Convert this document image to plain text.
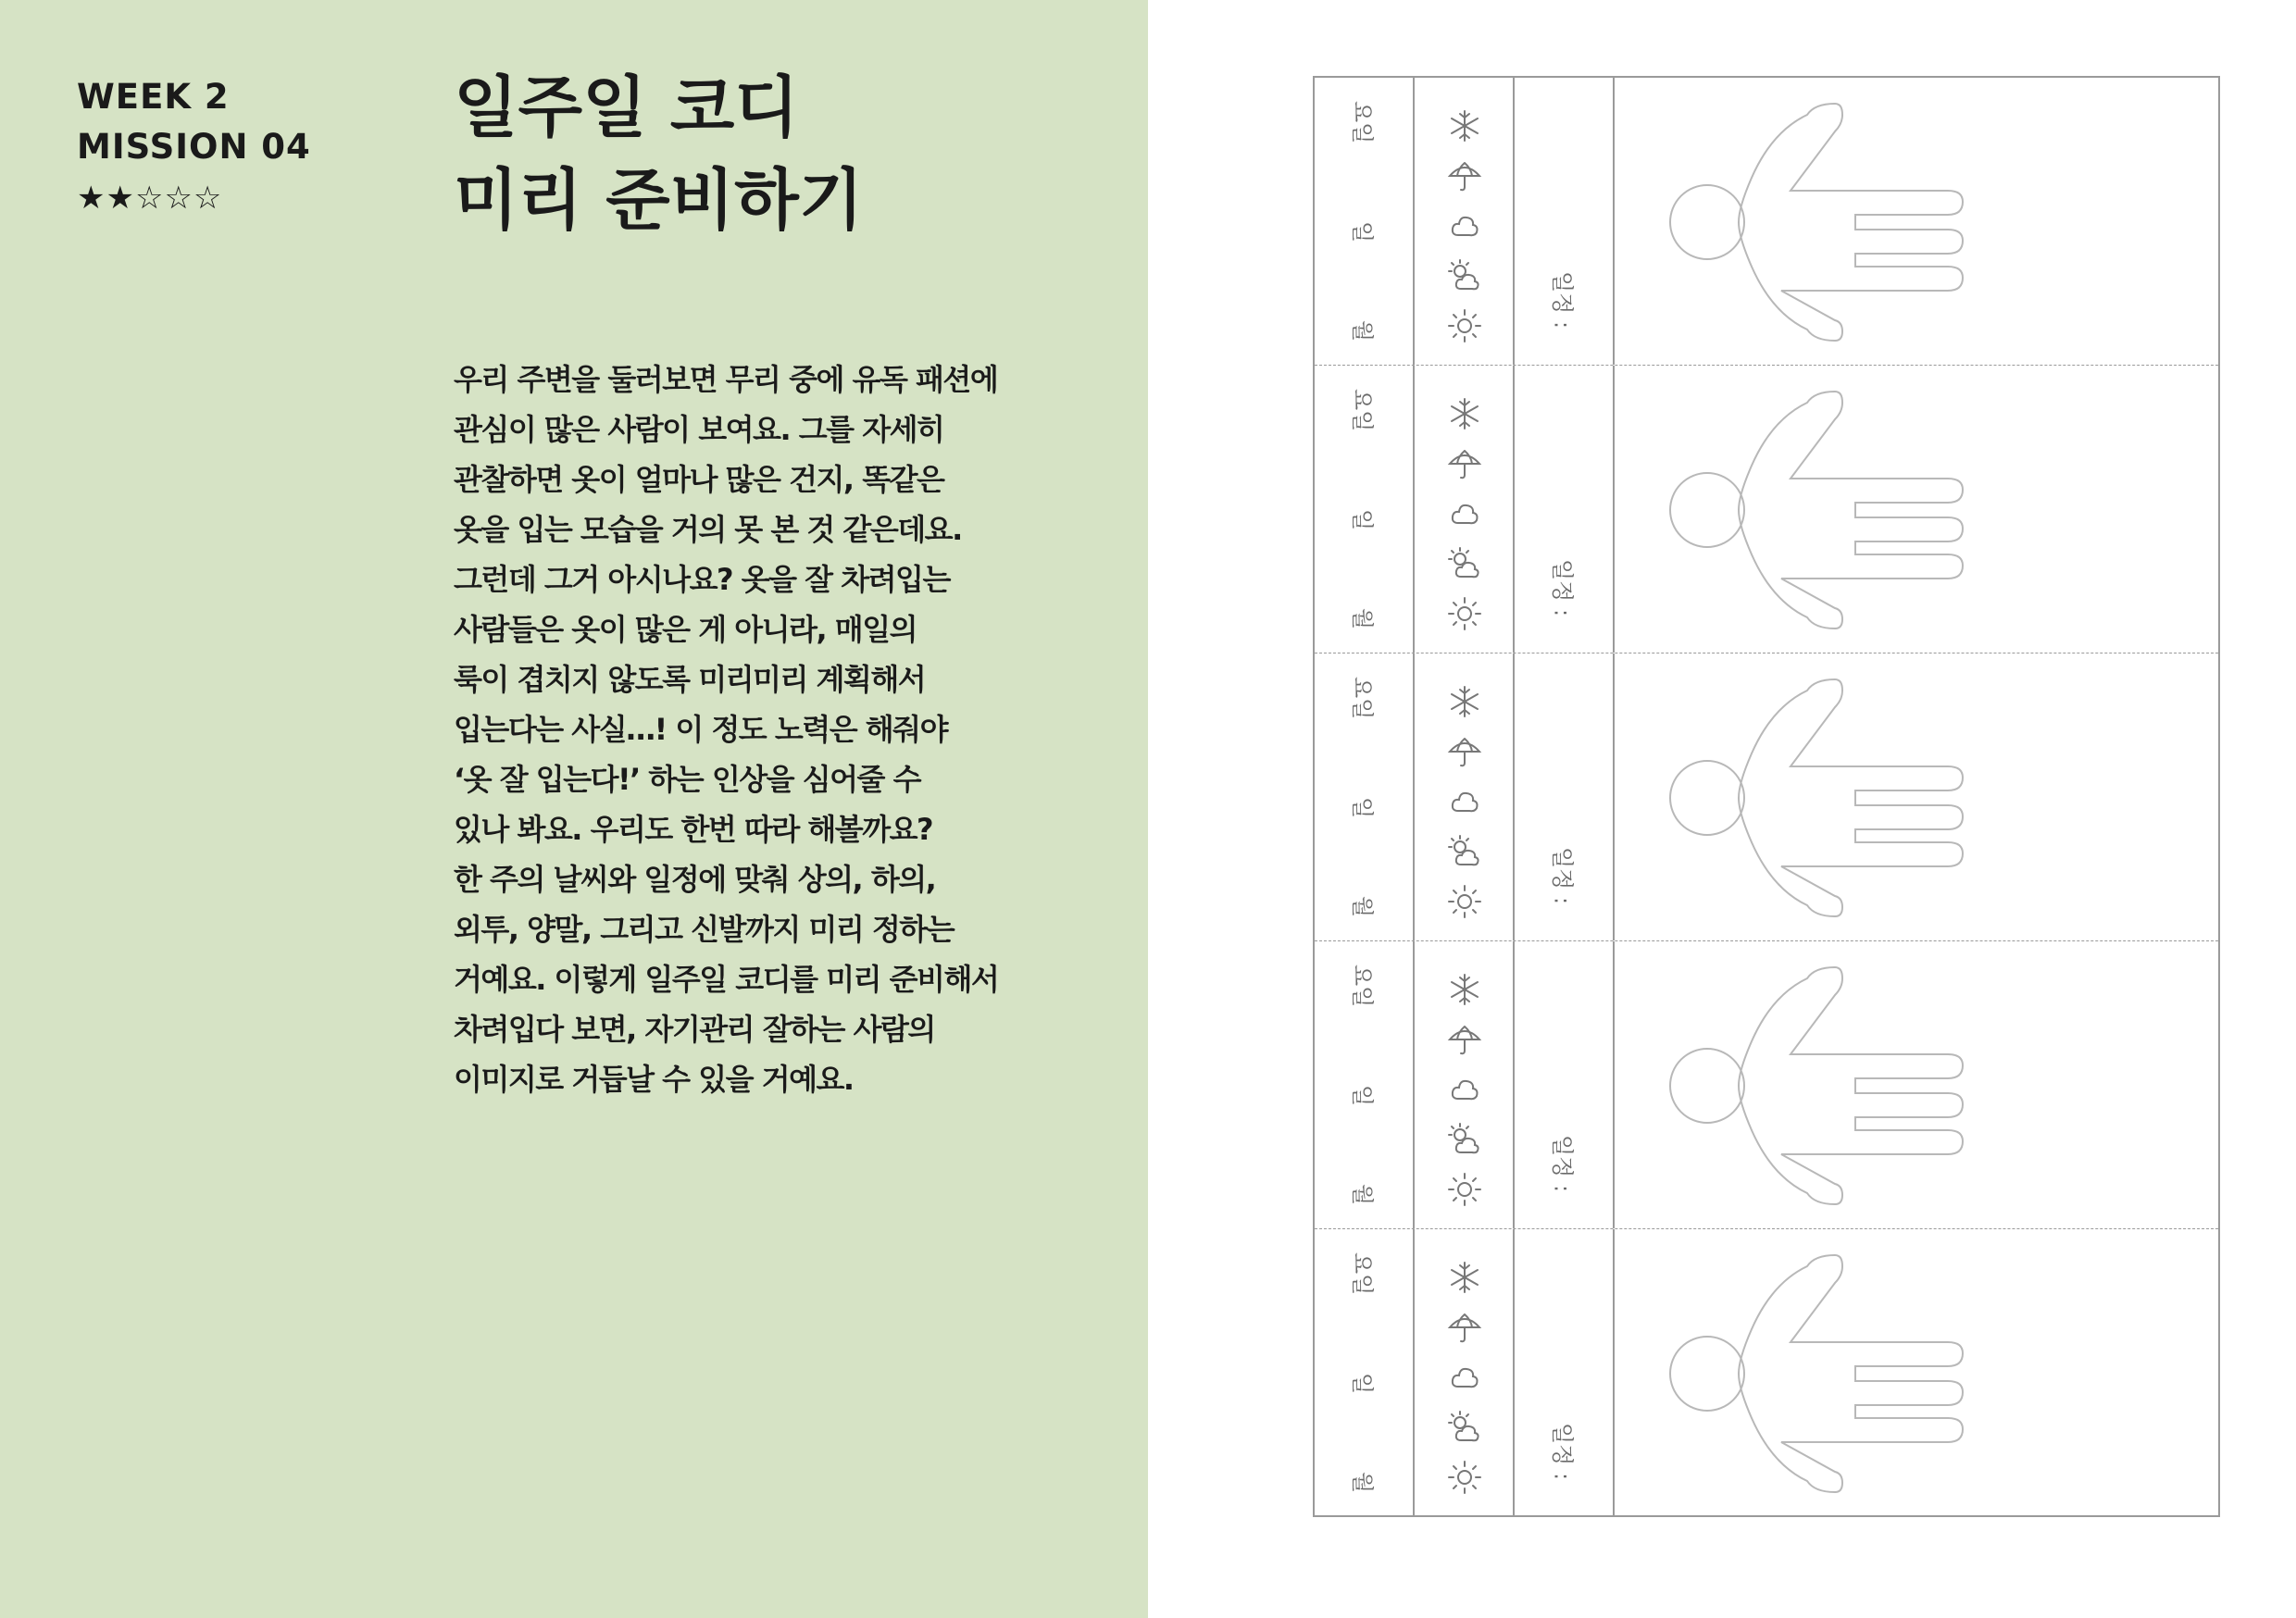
WEEK 2
MISSION 04
★★☆☆☆
일주일 코디
미리 준비하기
우리 주변을 둘러보면 무리 중에 유독 패션에
관심이 많은 사람이 보여요. 그를 자세히
관찰하면 옷이 얼마나 많은 건지, 똑같은
옷을 입는 모습을 거의 못 본 것 같은데요.
그런데 그거 아시나요? 옷을 잘 차려입는
사람들은 옷이 많은 게 아니라, 매일의
룩이 겹치지 않도록 미리미리 계획해서
입는다는 사실…! 이 정도 노력은 해줘야
‘옷 잘 입는다!’ 하는 인상을 심어줄 수
있나 봐요. 우리도 한번 따라 해볼까요?
한 주의 날씨와 일정에 맞춰 상의, 하의,
외투, 양말, 그리고 신발까지 미리 정하는
거예요. 이렇게 일주일 코디를 미리 준비해서
차려입다 보면, 자기관리 잘하는 사람의
이미지로 거듭날 수 있을 거예요.
월
일
요일
일정 :
월
일
요일
일정 :
월
일
요일
일정 :
월
일
요일
일정 :
월
일
요일
일정 :
